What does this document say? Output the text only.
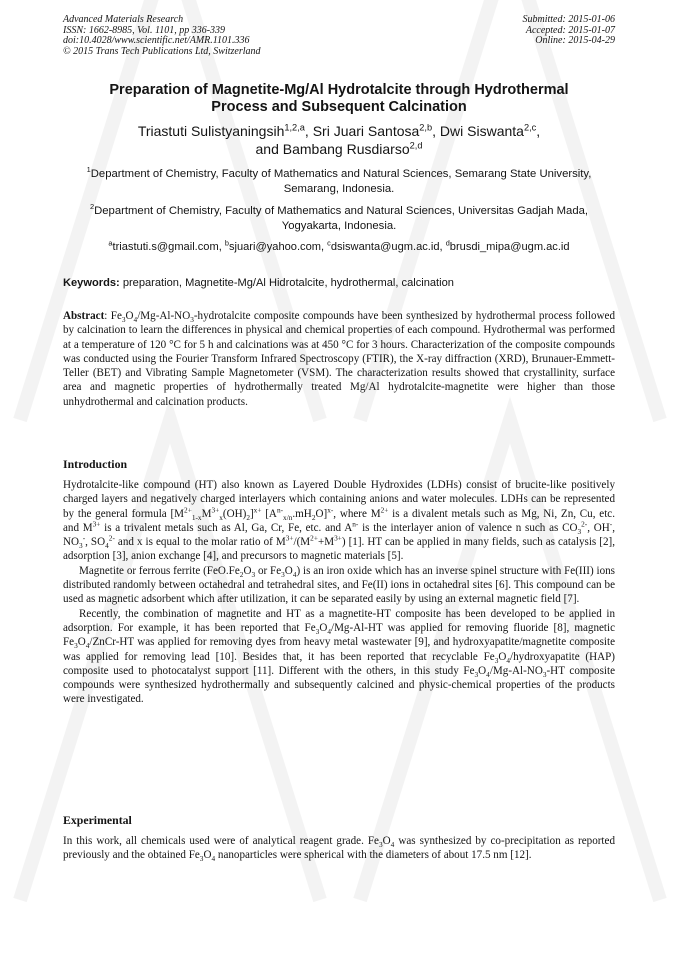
Advanced Materials Research
ISSN: 1662-8985, Vol. 1101, pp 336-339
doi:10.4028/www.scientific.net/AMR.1101.336
© 2015 Trans Tech Publications Ltd, Switzerland
Submitted: 2015-01-06
Accepted: 2015-01-07
Online: 2015-04-29
Preparation of Magnetite-Mg/Al Hydrotalcite through Hydrothermal
Process and Subsequent Calcination
Triastuti Sulistyaningsih$^{1,2,a}$, Sri Juari Santosa$^{2,b}$, Dwi Siswanta$^{2,c}$,
and Bambang Rusdiarso$^{2,d}$
$^1$Department of Chemistry, Faculty of Mathematics and Natural Sciences, Semarang State University, Semarang, Indonesia.
$^2$Department of Chemistry, Faculty of Mathematics and Natural Sciences, Universitas Gadjah Mada, Yogyakarta, Indonesia.
$^a$triastuti.s@gmail.com, $^b$sjuari@yahoo.com, $^c$dsiswanta@ugm.ac.id, $^d$brusdi_mipa@ugm.ac.id
Keywords: preparation, Magnetite-Mg/Al Hidrotalcite, hydrothermal, calcination

Abstract: $Fe_3O_4/Mg-Al-NO_3$-hydrotalcite composite compounds have been synthesized by hydrothermal process followed by calcination to learn the differences in physical and chemical properties of each compound. Hydrothermal was performed at a temperature of 120 °C for 5 h and calcinations was at 450 °C for 3 hours. Characterization of the composite compounds was conducted using the Fourier Transform Infrared Spectroscopy (FTIR), the X-ray diffraction (XRD), Brunauer-Emmett-Teller (BET) and Vibrating Sample Magnetometer (VSM). The characterization results showed that crystallinity, surface area and magnetic properties of hydrothermally treated Mg/Al hydrotalcite-magnetite were higher than those unhydrothermal and calcination products.

Introduction

Hydrotalcite-like compound (HT) also known as Layered Double Hydroxides (LDHs) consist of brucite-like positively charged layers and negatively charged interlayers which containing anions and water molecules. LDHs can be represented by the general formula $[M^{2+}_{1-x}M^{3+}_x(OH)_2]^{x+}$ $[A^{n-}_{x/n}.mH_2O]^{x-}$, where $M^{2+}$ is a divalent metals such as Mg, Ni, Zn, Cu, etc. and $M^{3+}$ is a trivalent metals such as Al, Ga, Cr, Fe, etc. and $A^{n-}$ is the interlayer anion of valence n such as $CO_3^{2-}$, OH-, $NO_3^-$, $SO_4^{2-}$ and x is equal to the molar ratio of $M^{3+}/(M^{2+}+M^{3+})$ [1]. HT can be applied in many fields, such as catalysis [2], adsorption [3], anion exchange [4], and precursors to magnetic materials [5].

Magnetite or ferrous ferrite ($FeO.Fe_2O_3$ or $Fe_3O_4$) is an iron oxide which has an inverse spinel structure with Fe(III) ions distributed randomly between octahedral and tetrahedral sites, and Fe(II) ions in octahedral sites [6]. This compound can be used as magnetic adsorbent which after utilization, it can be separated easily by using an external magnetic field [7].

Recently, the combination of magnetite and HT as a magnetite-HT composite has been developed to be applied in adsorption. For example, it has been reported that $Fe_3O_4/Mg-Al-HT$ was applied for removing fluoride [8], magnetic $Fe_3O_4/ZnCr-HT$ was applied for removing dyes from heavy metal wastewater [9], and hydroxyapatite/magnetite composite was applied for removing lead [10]. Besides that, it has been reported that recyclable $Fe_3O_4$/hydroxyapatite (HAP) composite used to photocatalyst support [11]. Different with the others, in this study $Fe_3O_4/Mg-Al-NO_3-HT$ composite compounds were synthesized hydrothermally and subsequently calcined and physic-chemical properties of the products were investigated.

Experimental

In this work, all chemicals used were of analytical reagent grade. $Fe_3O_4$ was synthesized by co-precipitation as reported previously and the obtained $Fe_3O_4$ nanoparticles were spherical with the diameters of about 17.5 nm [12].
